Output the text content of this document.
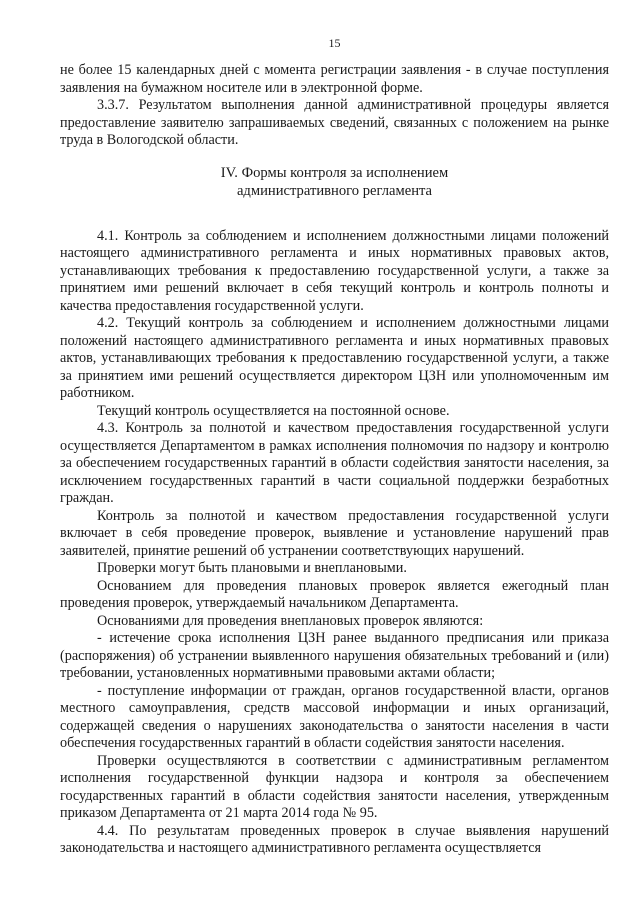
15

не более 15 календарных дней с момента регистрации заявления - в случае поступления заявления на бумажном носителе или в электронной форме.

3.3.7. Результатом выполнения данной административной процедуры является предоставление заявителю запрашиваемых сведений, связанных с положением на рынке труда в Вологодской области.

IV. Формы контроля за исполнением
административного регламента

4.1. Контроль за соблюдением и исполнением должностными лицами положений настоящего административного регламента и иных нормативных правовых актов, устанавливающих требования к предоставлению государственной услуги, а также за принятием ими решений включает в себя текущий контроль и контроль полноты и качества предоставления государственной услуги.

4.2. Текущий контроль за соблюдением и исполнением должностными лицами положений настоящего административного регламента и иных нормативных правовых актов, устанавливающих требования к предоставлению государственной услуги, а также за принятием ими решений осуществляется директором ЦЗН или уполномоченным им работником.

Текущий контроль осуществляется на постоянной основе.

4.3. Контроль за полнотой и качеством предоставления государственной услуги осуществляется Департаментом в рамках исполнения полномочия по надзору и контролю за обеспечением государственных гарантий в области содействия занятости населения, за исключением государственных гарантий в части социальной поддержки безработных граждан.

Контроль за полнотой и качеством предоставления государственной услуги включает в себя проведение проверок, выявление и установление нарушений прав заявителей, принятие решений об устранении соответствующих нарушений.

Проверки могут быть плановыми и внеплановыми.

Основанием для проведения плановых проверок является ежегодный план проведения проверок, утверждаемый начальником Департамента.

Основаниями для проведения внеплановых проверок являются:

- истечение срока исполнения ЦЗН ранее выданного предписания или приказа (распоряжения) об устранении выявленного нарушения обязательных требований и (или) требовании, установленных нормативными правовыми актами области;

- поступление информации от граждан, органов государственной власти, органов местного самоуправления, средств массовой информации и иных организаций, содержащей сведения о нарушениях законодательства о занятости населения в части обеспечения государственных гарантий в области содействия занятости населения.

Проверки осуществляются в соответствии с административным регламентом исполнения государственной функции надзора и контроля за обеспечением государственных гарантий в области содействия занятости населения, утвержденным приказом Департамента от 21 марта 2014 года № 95.

4.4. По результатам проведенных проверок в случае выявления нарушений законодательства и настоящего административного регламента осуществляется
